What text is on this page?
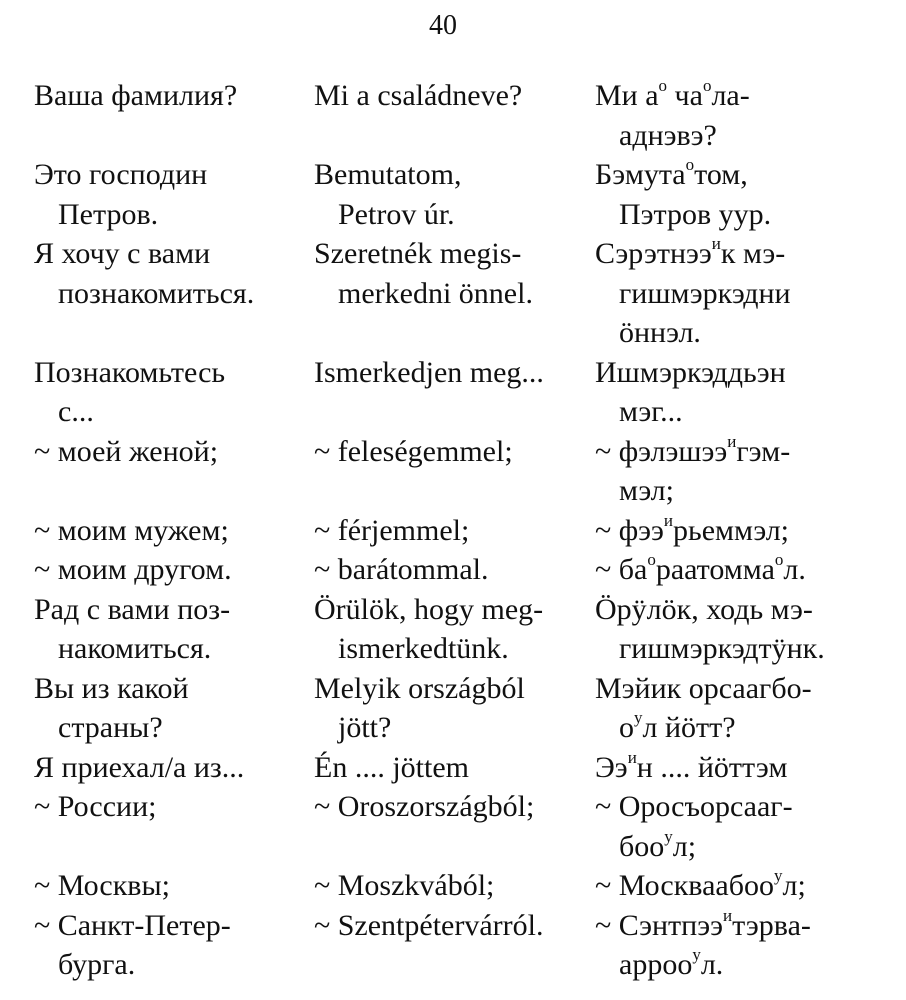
40
Ваша фамилия?
Это господин
Петров.
Я хочу с вами
познакомиться.
Познакомьтесь
с...
~ моей женой;
~ моим мужем;
~ моим другом.
Рад с вами поз-
накомиться.
Вы из какой
страны?
Я приехал/а из...
~ России;
~ Москвы;
~ Санкт-Петер-
бурга.
Mi a családneve?
Bemutatom,
Petrov úr.
Szeretnék megis-
merkedni önnel.
Ismerkedjen meg...
~ feleségemmel;
~ férjemmel;
~ barátommal.
Örülök, hogy meg-
ismerkedtünk.
Melyik országból
jött?
Én .... jöttem
~ Oroszországból;
~ Moszkvából;
~ Szentpétervárról.
Ми $а^о$ $ча^ола-$
аднэвэ?
Бэмута$^о$том,
Пэтров уур.
Сэрэтнээ$^и$к мэ-
гишмэркэдни
öннэл.
Ишмэркэддьэн
мэг...
~ фэлэшээ$^и$гэм-
мэл;
~ фээ$^и$рьеммэл;
~ $ба^ораатомма^ол$.
Öрÿлöк, ходь мэ-
гишмэркэдтÿнк.
Мэйик орсаагбо-
$о^ул$ йöтт?
$Ээ^ин$ .... йöттэм
~ Оросъорсааг-
боо$^у$л;
~ Москваабоо$^у$л;
~ Сэнтпээ$^и$тэрва-
арроо$^у$л.
